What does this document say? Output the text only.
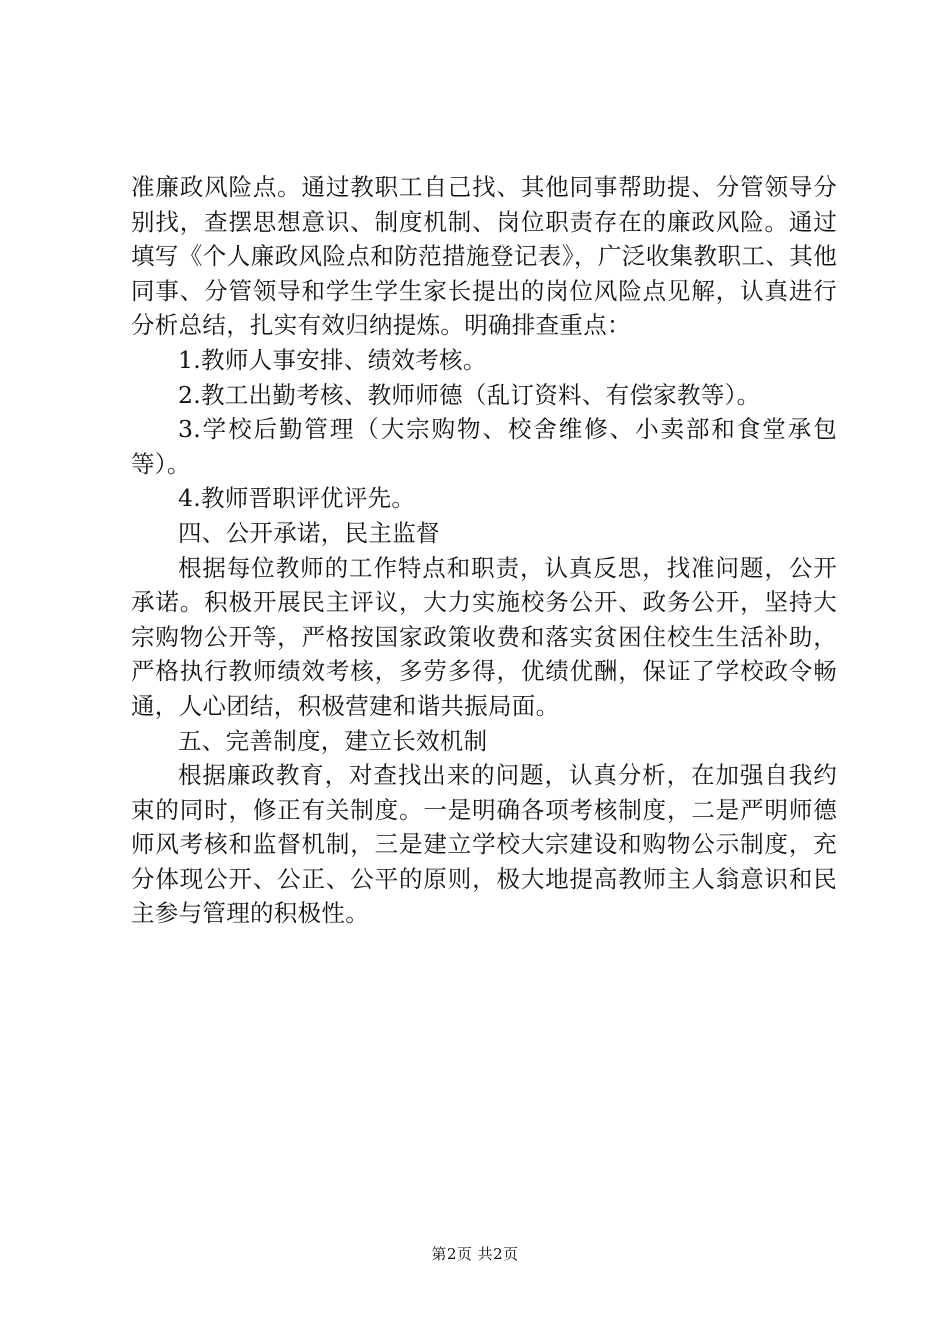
准廉政风险点。通过教职工自己找、其他同事帮助提、分管领导分别找，查摆思想意识、制度机制、岗位职责存在的廉政风险。通过填写《个人廉政风险点和防范措施登记表》，广泛收集教职工、其他同事、分管领导和学生学生家长提出的岗位风险点见解，认真进行分析总结，扎实有效归纳提炼。明确排查重点：

1.教师人事安排、绩效考核。

2.教工出勤考核、教师师德（乱订资料、有偿家教等）。

3.学校后勤管理（大宗购物、校舍维修、小卖部和食堂承包等）。

4.教师晋职评优评先。

四、公开承诺，民主监督

根据每位教师的工作特点和职责，认真反思，找准问题，公开承诺。积极开展民主评议，大力实施校务公开、政务公开，坚持大宗购物公开等，严格按国家政策收费和落实贫困住校生生活补助，严格执行教师绩效考核，多劳多得，优绩优酬，保证了学校政令畅通，人心团结，积极营建和谐共振局面。

五、完善制度，建立长效机制

根据廉政教育，对查找出来的问题，认真分析，在加强自我约束的同时，修正有关制度。一是明确各项考核制度，二是严明师德师风考核和监督机制，三是建立学校大宗建设和购物公示制度，充分体现公开、公正、公平的原则，极大地提高教师主人翁意识和民主参与管理的积极性。

第2页 共2页
